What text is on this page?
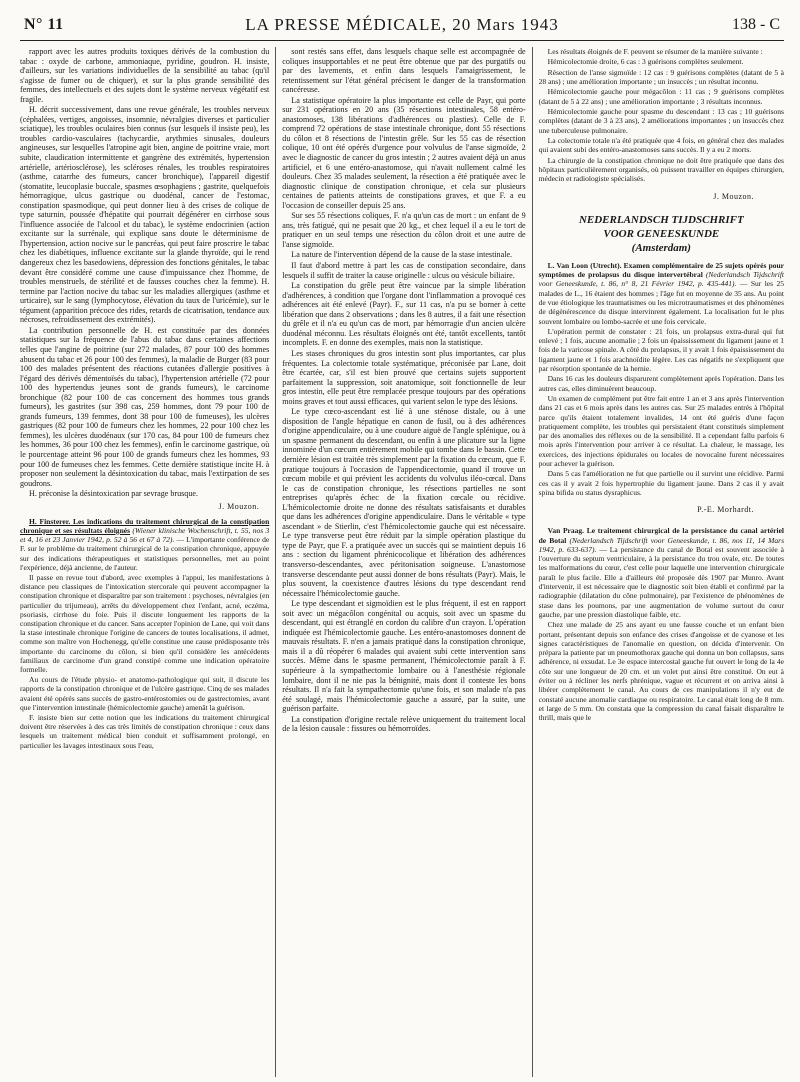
N° 11	LA PRESSE MÉDICALE, 20 Mars 1943	138 - C

rapport avec les autres produits toxiques dérivés de la combustion du tabac : oxyde de carbone, ammoniaque, pyridine, goudron. H. insiste, d'ailleurs, sur les variations individuelles de la sensibilité au tabac (qu'il s'agisse de fumer ou de chiquer), et sur la plus grande sensibilité des femmes, des intellectuels et des sujets dont le système nerveux végétatif est fragile.

H. décrit successivement, dans une revue générale, les troubles nerveux (céphalées, vertiges, angoisses, insomnie, névralgies diverses et particulier sciatique), les troubles oculaires bien connus (sur lesquels il insiste peu), les troubles cardio-vasculaires (tachycardie, arythmies sinusales, douleurs angineuses, sur lesquelles l'atropine agit bien, angine de poitrine vraie, mort subite, claudication intermittente et gangrène des extrémités, hypertension artérielle, artériosclérose), les scléroses rénales, les troubles respiratoires (asthme, catarrhe des fumeurs, cancer bronchique), l'appareil digestif (stomatite, leucoplasie buccale, spasmes œsophagiens ; gastrite, quelquefois hémorragique, ulcus gastrique ou duodénal, cancer de l'estomac, constipation spasmodique, qui peut donner lieu à des crises de colique de type saturnin, poussée d'hépatite qui pourrait dégénérer en cirrhose sous l'influence associée de l'alcool et du tabac), le système endocrinien (action excitante sur la surrénale, qui explique sans doute le déterminisme de l'hypertension, action nocive sur le pancréas, qui peut faire proscrire le tabac chez les diabétiques, influence excitante sur la glande thyroïde, qui le rend dangereux chez les basedowiens, dépression des fonctions génitales, le tabac devant être considéré comme une cause d'impuissance chez l'homme, de troubles menstruels, de stérilité et de fausses couches chez la femme). H. termine par l'action nocive du tabac sur les maladies allergiques (asthme et urticaire), sur le sang (lymphocytose, élévation du taux de l'uricémie), sur le tégument (apparition précoce des rides, retards de cicatrisation, tendance aux nécroses, refroidissement des extrémités).

La contribution personnelle de H. est constituée par des données statistiques sur la fréquence de l'abus du tabac dans certaines affections telles que l'angine de poitrine (sur 272 malades, 87 pour 100 des hommes abusent du tabac et 26 pour 100 des femmes), la maladie de Burger (83 pour 100 des malades présentent des réactions cutanées d'allergie positives à l'égard des dérivés démentoïsés du tabac), l'hypertension artérielle (72 pour 100 des hypertendus jeunes sont de grands fumeurs), le carcinome bronchique (82 pour 100 de cas concernent des hommes tous grands fumeurs), les gastrites (sur 398 cas, 259 hommes, dont 79 pour 100 de grands fumeurs, 139 femmes, dont 38 pour 100 de fumeuses), les ulcères gastriques (82 pour 100 de fumeurs chez les hommes, 22 pour 100 chez les femmes), les ulcères duodénaux (sur 170 cas, 84 pour 100 de fumeurs chez les hommes, 36 pour 100 chez les femmes), enfin le carcinome gastrique, où le pourcentage atteint 96 pour 100 de grands fumeurs chez les hommes, 93 pour 100 de fumeuses chez les femmes. Cette dernière statistique incite H. à proposer non seulement la désintoxication du tabac, mais l'extirpation de ses goudrons.

H. préconise la désintoxication par sevrage brusque.

J. Mouzon.

H. Finsterer. Les indications du traitement chirurgical de la constipation chronique et ses résultats éloignés (Wiener klinische Wochenschrift, t. 55, nos 3 et 4, 16 et 23 Janvier 1942, p. 52 à 56 et 67 à 72). — L'importante conférence de F. sur le problème du traitement chirurgical de la constipation chronique, appuyée sur des indications thérapeutiques et statistiques personnelles, met au point l'expérience, déjà ancienne, de l'auteur.

Il passe en revue tout d'abord, avec exemples à l'appui, les manifestations à distance peu classiques de l'intoxication stercorale qui peuvent accompagner la constipation chronique et disparaître par son traitement : psychoses, névralgies (en particulier du trijumeau), arrêts du développement chez l'enfant, acné, eczéma, psoriasis, cirrhose du foie. Puis il discute longuement les rapports de la constipation chronique et du cancer. Sans accepter l'opinion de Lane, qui voit dans la stase intestinale chronique l'origine de cancers de toutes localisations, il admet, comme son maître von Hochenegg, qu'elle constitue une cause prédisposante très importante du carcinome du côlon, si bien qu'il considère les antécédents familiaux de carcinome d'un grand constipé comme une indication opératoire formelle.

Au cours de l'étude physio- et anatomo-pathologique qui suit, il discute les rapports de la constipation chronique et de l'ulcère gastrique. Cinq de ses malades avaient été opérés sans succès de gastro-entérostomies ou de gastrectomies, avant que l'intervention intestinale (hémicolectomie gauche) amenât la guérison.

F. insiste bien sur cette notion que les indications du traitement chirurgical doivent être réservées à des cas très limités de constipation chronique : ceux dans lesquels un traitement médical bien conduit et suffisamment prolongé, en particulier les lavages intestinaux sous l'eau,

sont restés sans effet, dans lesquels chaque selle est accompagnée de coliques insupportables et ne peut être obtenue que par des purgatifs ou par des lavements, et enfin dans lesquels l'amaigrissement, le retentissement sur l'état général précisent le danger de la transformation cancéreuse.

La statistique opératoire la plus importante est celle de Payr, qui porte sur 231 opérations en 20 ans (35 résections intestinales, 58 entéro-anastomoses, 138 libérations d'adhérences ou plasties). Celle de F. comprend 72 opérations de stase intestinale chronique, dont 55 résections du côlon et 8 résections de l'intestin grêle. Sur les 55 cas de résection colique, 10 ont été opérés d'urgence pour volvulus de l'anse sigmoïde, 2 avec le diagnostic de cancer du gros intestin ; 2 autres avaient déjà un anus artificiel, et 6 une entéro-anastomose, qui n'avait nullement calmé les douleurs. Chez 35 malades seulement, la résection a été pratiquée avec le diagnostic clinique de constipation chronique, et cela sur plusieurs centaines de patients atteints de constipations graves, et que F. a eu l'occasion de conseiller depuis 25 ans.

Sur ses 55 résections coliques, F. n'a qu'un cas de mort : un enfant de 9 ans, très fatigué, qui ne pesait que 20 kg., et chez lequel il a eu le tort de pratiquer en un seul temps une résection du côlon droit et une autre de l'anse sigmoïde.

La nature de l'intervention dépend de la cause de la stase intestinale.

Il faut d'abord mettre à part les cas de constipation secondaire, dans lesquels il suffit de traiter la cause originelle : ulcus ou vésicule biliaire.

La constipation du grêle peut être vaincue par la simple libération d'adhérences, à condition que l'organe dont l'inflammation a provoqué ces adhérences ait été enlevé (Payr). F., sur 11 cas, n'a pu se borner à cette libération que dans 2 observations ; dans les 8 autres, il a fait une résection du grêle et il n'a eu qu'un cas de mort, par hémorragie d'un ancien ulcère duodénal méconnu. Les résultats éloignés ont été, tantôt excellents, tantôt incomplets. F. en donne des exemples, mais non la statistique.

Les stases chroniques du gros intestin sont plus importantes, car plus fréquentes. La colectomie totale systématique, préconisée par Lane, doit être écartée, car, s'il est bien prouvé que certains sujets supportent parfaitement la suppression, soit anatomique, soit fonctionnelle de leur gros intestin, elle peut être remplacée presque toujours par des opérations moins graves et tout aussi efficaces, qui varient selon le type des lésions.

Le type cœco-ascendant est lié à une sténose distale, ou à une disposition de l'angle hépatique en canon de fusil, ou à des adhérences d'origine appendiculaire, ou à une coudure aiguë de l'angle splénique, ou à un spasme permanent du descendant, ou enfin à une plicature sur la ligne innominée d'un cœcum entièrement mobile qui tombe dans le bassin. Cette dernière lésion est traitée très simplement par la fixation du cœcum, que F. pratique toujours à l'occasion de l'appendicectomie, quand il trouve un cœcum mobile et qui prévient les accidents du volvulus iléo-cœcal. Dans le cas de constipation chronique, les résections partielles ne sont entreprises qu'après échec de la fixation cœcale ou récidive. L'hémicolectomie droite ne donne des résultats satisfaisants et durables que dans les adhérences d'origine appendiculaire. Dans le véritable « type ascendant » de Stierlin, c'est l'hémicolectomie gauche qui est nécessaire. Le type transverse peut être réduit par la simple opération plastique du type de Payr, que F. a pratiquée avec un succès qui se maintient depuis 16 ans : section du ligament phrénicocolique et libération des adhérences transverso-descendantes, avec péritonisation soigneuse. L'anastomose transverse descendante peut aussi donner de bons résultats (Payr). Mais, le plus souvent, la coexistence d'autres lésions du type descendant rend nécessaire l'hémicolectomie gauche.

Le type descendant et sigmoïdien est le plus fréquent, il est en rapport soit avec un mégacôlon congénital ou acquis, soit avec un spasme du descendant, qui est étranglé en cordon du calibre d'un crayon. L'opération indiquée est l'hémicolectomie gauche. Les entéro-anastomoses donnent de mauvais résultats. F. n'en a jamais pratiqué dans la constipation chronique, mais il a dû réopérer 6 malades qui avaient subi cette intervention sans succès. Même dans le spasme permanent, l'hémicolectomie paraît à F. supérieure à la sympathectomie lombaire ou à l'anesthésie régionale lombaire, dont il ne nie pas la bénignité, mais dont il conteste les bons résultats. Il n'a fait la sympathectomie qu'une fois, et son malade n'a pas été soulagé, mais l'hémicolectomie gauche a assuré, par la suite, une guérison parfaite.

La constipation d'origine rectale relève uniquement du traitement local de la lésion causale : fissures ou hémorroïdes.

Les résultats éloignés de F. peuvent se résumer de la manière suivante :

Hémicolectomie droite, 6 cas : 3 guérisons complètes seulement.

Résection de l'anse sigmoïde : 12 cas : 9 guérisons complètes (datant de 5 à 28 ans) ; une amélioration importante ; un insuccès ; un résultat inconnu.

Hémicolectomie gauche pour mégacôlon : 11 cas ; 9 guérisons complètes (datant de 5 à 22 ans) ; une amélioration importante ; 3 résultats inconnus.

Hémicolectomie gauche pour spasme du descendant : 13 cas ; 10 guérisons complètes (datant de 3 à 23 ans), 2 améliorations importantes ; un insuccès chez une tuberculeuse pulmonaire.

La colectomie totale n'a été pratiquée que 4 fois, en général chez des malades qui avaient subi des entéro-anastomoses sans succès. Il y a eu 2 morts.

La chirurgie de la constipation chronique ne doit être pratiquée que dans des hôpitaux particulièrement organisés, où puissent travailler en équipes chirurgien, médecin et radiologiste spécialisés.

J. Mouzon.
NEDERLANDSCH TIJDSCHRIFT
VOOR GENEESKUNDE
(Amsterdam)

L. Van Loon (Utrecht). Examen complémentaire de 25 sujets opérés pour symptômes de prolapsus du disque intervertébral (Nederlandsch Tijdschrift voor Geneeskunde, t. 86, n° 8, 21 Février 1942, p. 435-441). — Sur les 25 malades de L., 16 étaient des hommes ; l'âge fut en moyenne de 35 ans. Au point de vue étiologique les traumatismes ou les microtraumatismes et des phénomènes de dégénérescence du disque intervinrent également. La localisation fut le plus souvent lombaire ou lombo-sacrée et une fois cervicale.

L'opération permit de constater : 21 fois, un prolapsus extra-dural qui fut enlevé ; 1 fois, aucune anomalie ; 2 fois un épaississement du ligament jaune et 1 fois de la varicose spinale. A côté du prolapsus, il y avait 1 fois épaississement du ligament jaune et 1 fois arachnoïdite légère. Les cas négatifs ne s'expliquent que par résorption spontanée de la hernie.

Dans 16 cas les douleurs disparurent complètement après l'opération. Dans les autres cas, elles diminuèrent beaucoup.

Un examen de complément put être fait entre 1 an et 3 ans après l'intervention dans 21 cas et 6 mois après dans les autres cas. Sur 25 malades entrés à l'hôpital parce qu'ils étaient totalement invalides, 14 ont été guéris d'une façon pratiquement complète, les troubles qui persistaient étant constitués simplement par des anomalies des réflexes ou de la sensibilité. Il a cependant fallu parfois 6 mois après l'intervention pour arriver à ce résultat. La chaleur, le massage, les exercices, des injections épidurales ou locales de novocaïne furent nécessaires pour achever la guérison.

Dans 5 cas l'amélioration ne fut que partielle ou il survint une récidive. Parmi ces cas il y avait 2 fois hypertrophie du ligament jaune. Dans 2 cas il y avait spina bifida ou status dysraphicus.

P.-E. Morhardt.

Van Praag. Le traitement chirurgical de la persistance du canal artériel de Botal (Nederlandsch Tijdschrift voor Geneeskunde, t. 86, nos 11, 14 Mars 1942, p. 633-637). — La persistance du canal de Botal est souvent associée à l'ouverture du septum ventriculaire, à la persistance du trou ovale, etc. De toutes les malformations du cœur, c'est celle pour laquelle une intervention chirurgicale paraît le plus facile. Elle a d'ailleurs été proposée dès 1907 par Munro. Avant d'intervenir, il est nécessaire que le diagnostic soit bien établi et confirmé par la radiographie (dilatation du cône pulmonaire), par l'existence de phénomènes de stase dans les poumons, par une augmentation de volume surtout du cœur gauche, par une pression diastolique faible, etc.

Chez une malade de 25 ans ayant eu une fausse couche et un enfant bien portant, présentant depuis son enfance des crises d'angoisse et de cyanose et les signes caractéristiques de l'anomalie en question, on décida d'intervenir. On prépara la patiente par un pneumothorax gauche qui donna un bon collapsus, sans adhérence, ni exsudat. Le 3e espace intercostal gauche fut ouvert le long de la 4e côte sur une longueur de 20 cm. et un volet put ainsi être constitué. On eut à éviter ou à récliner les nerfs phrénique, vague et récurrent et on arriva ainsi à libérer complètement le canal. Au cours de ces manipulations il n'y eut de constaté aucune anomalie cardiaque ou respiratoire. Le canal était long de 8 mm. et large de 5 mm. On constata que la compression du canal faisait disparaître le thrill, mais que le
